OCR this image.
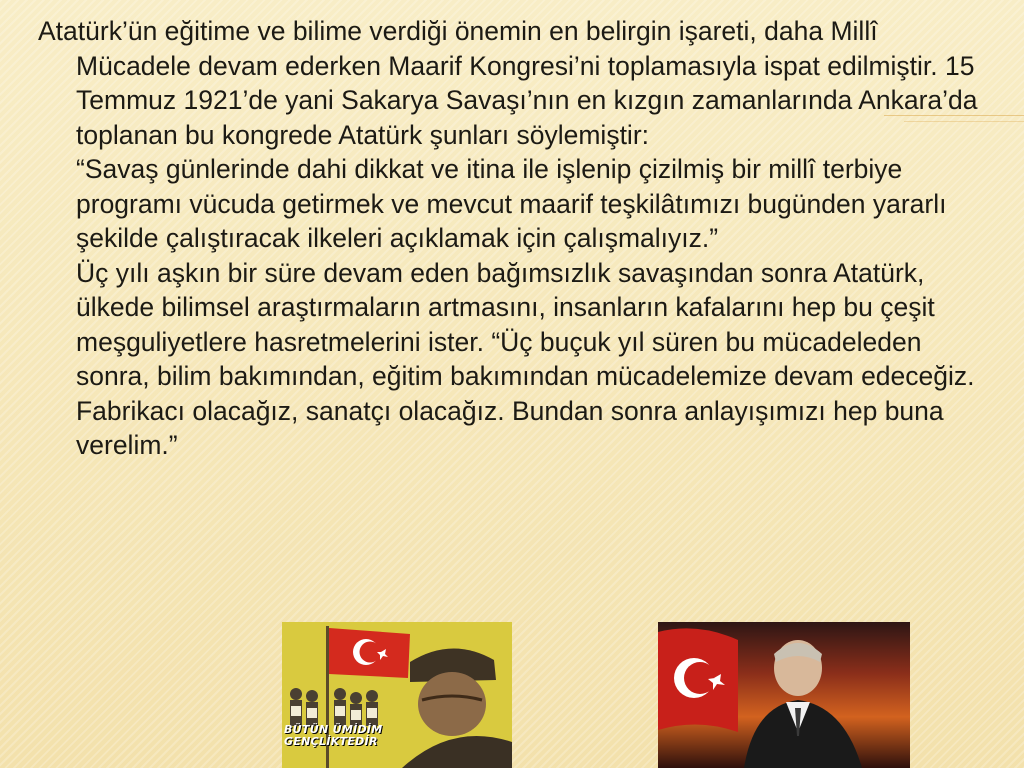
Atatürk’ün eğitime ve bilime verdiği önemin en belirgin işareti, daha Millî Mücadele devam ederken Maarif Kongresi’ni toplamasıyla ispat edilmiştir. 15 Temmuz 1921’de yani Sakarya Savaşı’nın en kızgın zamanlarında Ankara’da toplanan bu kongrede Atatürk şunları söylemiştir:

“Savaş günlerinde dahi dikkat ve itina ile işlenip çizilmiş bir millî terbiye programı vücuda getirmek ve mevcut maarif teşkilâtımızı bugünden yararlı şekilde çalıştıracak ilkeleri açıklamak için çalışmalıyız.”

Üç yılı aşkın bir süre devam eden bağımsızlık savaşından sonra Atatürk, ülkede bilimsel araştırmaların artmasını, insanların kafalarını hep bu çeşit meşguliyetlere hasretmelerini ister. “Üç buçuk yıl süren bu mücadeleden sonra, bilim bakımından, eğitim bakımından mücadelemize devam edeceğiz. Fabrikacı olacağız, sanatçı olacağız. Bundan sonra anlayışımızı hep buna verelim.”

BÜTÜN ÜMİDİM
GENÇLİKTEDİR
